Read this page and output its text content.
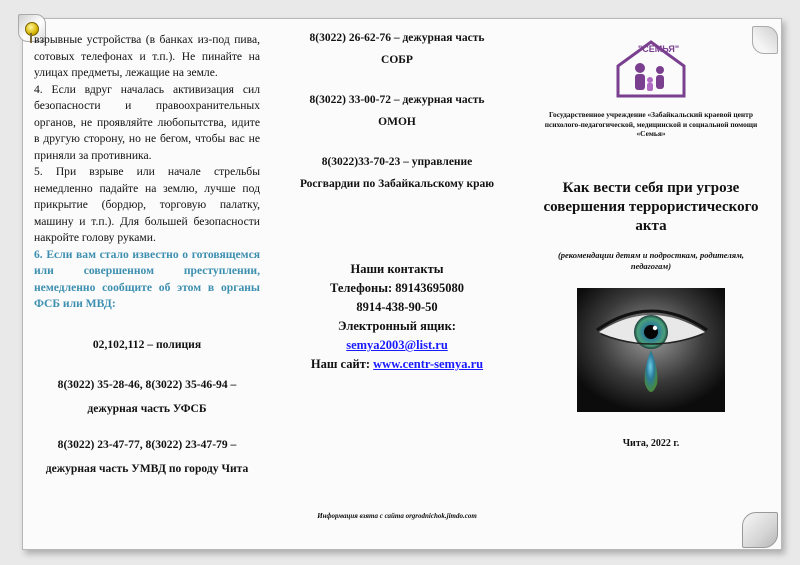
взрывные устройства (в банках из-под пива, сотовых телефонах и т.п.). Не пинайте на улицах предметы, лежащие на земле.

4. Если вдруг началась активизация сил безопасности и правоохранительных органов, не проявляйте любопытства, идите в другую сторону, но не бегом, чтобы вас не приняли за противника.

5. При взрыве или начале стрельбы немедленно падайте на землю, лучше под прикрытие (бордюр, торговую палатку, машину и т.п.). Для большей безопасности накройте голову руками.

6. Если вам стало известно о готовящемся или совершенном преступлении, немедленно сообщите об этом в органы ФСБ или МВД:

02,102,112 – полиция

8(3022) 35-28-46, 8(3022) 35-46-94 –

дежурная часть УФСБ

8(3022) 23-47-77, 8(3022) 23-47-79 –

дежурная часть УМВД по городу Чита

8(3022) 26-62-76 – дежурная часть
СОБР
8(3022) 33-00-72 – дежурная часть
ОМОН
8(3022)33-70-23 – управление
Росгвардии по Забайкальскому краю
Наши контакты
Телефоны: 89143695080
8914-438-90-50
Электронный ящик:
semya2003@list.ru
Наш сайт: www.centr-semya.ru
Информация взята с сайта orgrodnichok.jimdo.com
"СЕМЬЯ"
Государственное учреждение «Забайкальский краевой центр психолого-педагогической, медицинской и социальной помощи «Семья»
Как вести себя при угрозе совершения террористического акта
(рекомендации детям и подросткам, родителям, педагогам)
Чита, 2022 г.
